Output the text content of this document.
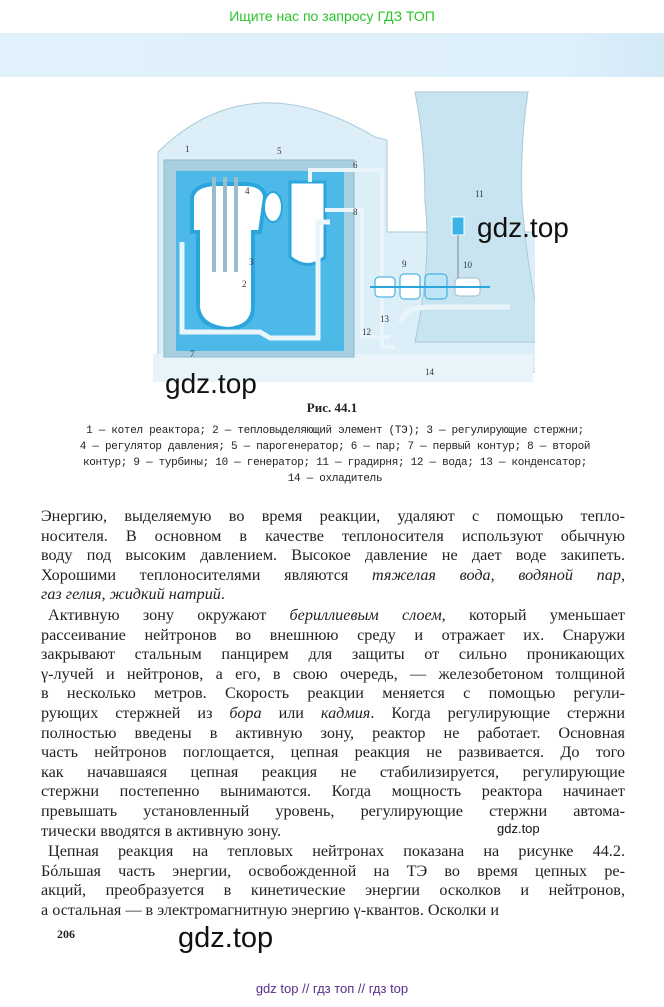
Ищите нас по запросу ГДЗ ТОП
1
2
3
4
5
6
7
8
9	10
11
12
13
14
gdz.top
gdz.top
Рис. 44.1
1 — котел реактора; 2 — тепловыделяющий элемент (ТЭ); 3 — регулирующие стержни;
4 — регулятор давления; 5 — парогенератор; 6 — пар; 7 — первый контур; 8 — второй
контур; 9 — турбины; 10 — генератор; 11 — градирня; 12 — вода; 13 — конденсатор;
14 — охладитель
Энергию, выделяемую во время реакции, удаляют с помощью тепло-
носителя. В основном в качестве теплоносителя используют обычную
воду под высоким давлением. Высокое давление не дает воде закипеть.
Хорошими теплоносителями являются тяжелая вода, водяной пар,
газ гелия, жидкий натрий.
Активную зону окружают бериллиевым слоем, который уменьшает
рассеивание нейтронов во внешнюю среду и отражает их. Снаружи
закрывают стальным панцирем для защиты от сильно проникающих
γ-лучей и нейтронов, а его, в свою очередь, — железобетоном толщиной
в несколько метров. Скорость реакции меняется с помощью регули-
рующих стержней из бора или кадмия. Когда регулирующие стержни
полностью введены в активную зону, реактор не работает. Основная
часть нейтронов поглощается, цепная реакция не развивается. До того
как начавшаяся цепная реакция не стабилизируется, регулирующие
стержни постепенно вынимаются. Когда мощность реактора начинает
превышать установленный уровень, регулирующие стержни автома-
тически вводятся в активную зону.
Цепная реакция на тепловых нейтронах показана на рисунке 44.2.
Бóльшая часть энергии, освобожденной на ТЭ во время цепных ре-
акций, преобразуется в кинетические энергии осколков и нейтронов,
а остальная — в электромагнитную энергию γ-квантов. Осколки и
gdz.top
206	gdz.top
gdz top // гдз топ // гдз top
